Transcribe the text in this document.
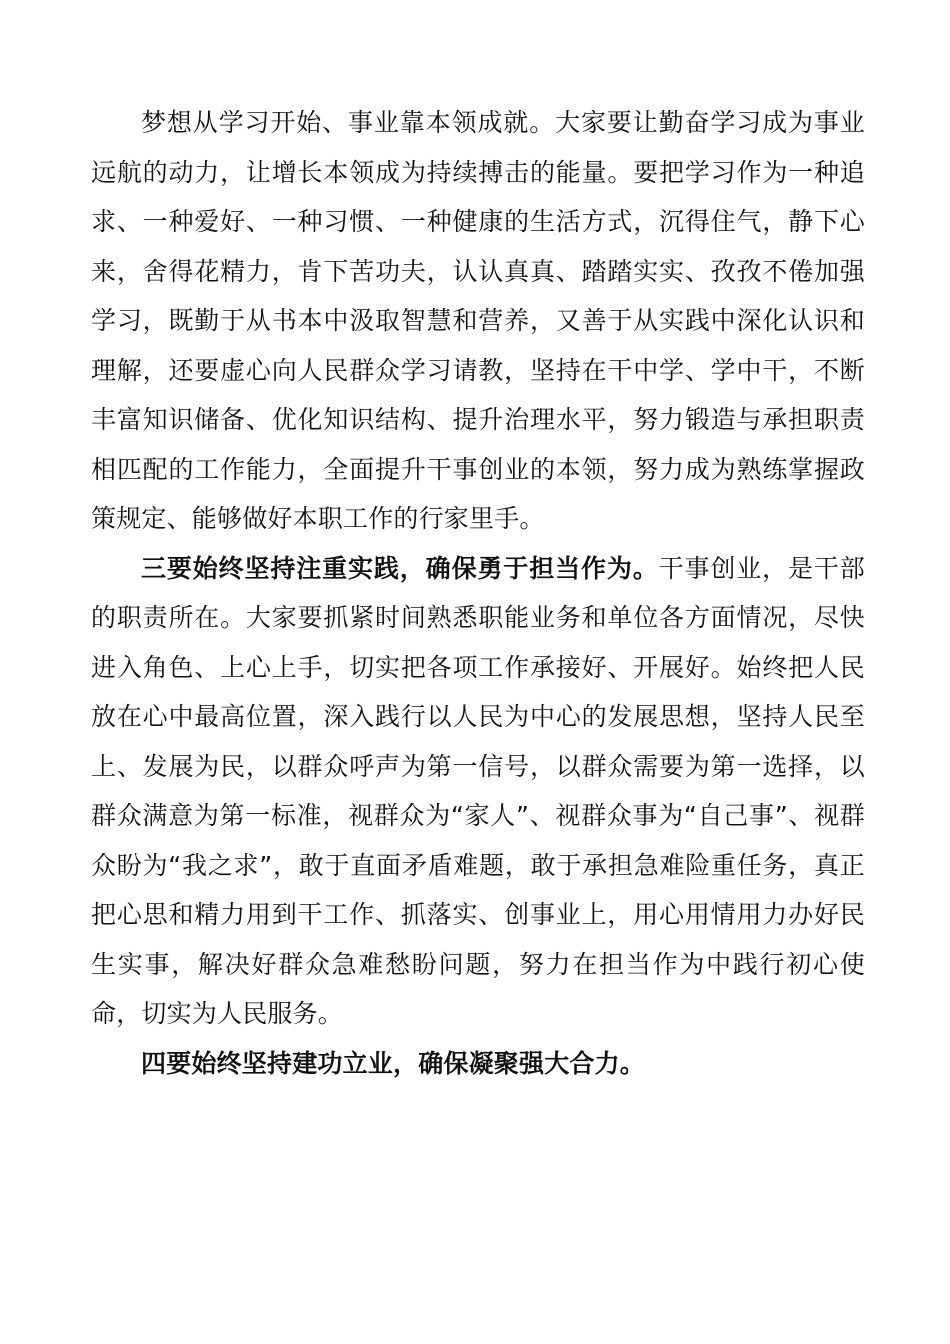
梦想从学习开始、事业靠本领成就。大家要让勤奋学习成为事业远航的动力，让增长本领成为持续搏击的能量。要把学习作为一种追求、一种爱好、一种习惯、一种健康的生活方式，沉得住气，静下心来，舍得花精力，肯下苦功夫，认认真真、踏踏实实、孜孜不倦加强学习，既勤于从书本中汲取智慧和营养，又善于从实践中深化认识和理解，还要虚心向人民群众学习请教，坚持在干中学、学中干，不断丰富知识储备、优化知识结构、提升治理水平，努力锻造与承担职责相匹配的工作能力，全面提升干事创业的本领，努力成为熟练掌握政策规定、能够做好本职工作的行家里手。

三要始终坚持注重实践，确保勇于担当作为。干事创业，是干部的职责所在。大家要抓紧时间熟悉职能业务和单位各方面情况，尽快进入角色、上心上手，切实把各项工作承接好、开展好。始终把人民放在心中最高位置，深入践行以人民为中心的发展思想，坚持人民至上、发展为民，以群众呼声为第一信号，以群众需要为第一选择，以群众满意为第一标准，视群众为“家人”、视群众事为“自己事”、视群众盼为“我之求”，敢于直面矛盾难题，敢于承担急难险重任务，真正把心思和精力用到干工作、抓落实、创事业上，用心用情用力办好民生实事，解决好群众急难愁盼问题，努力在担当作为中践行初心使命，切实为人民服务。

四要始终坚持建功立业，确保凝聚强大合力。
